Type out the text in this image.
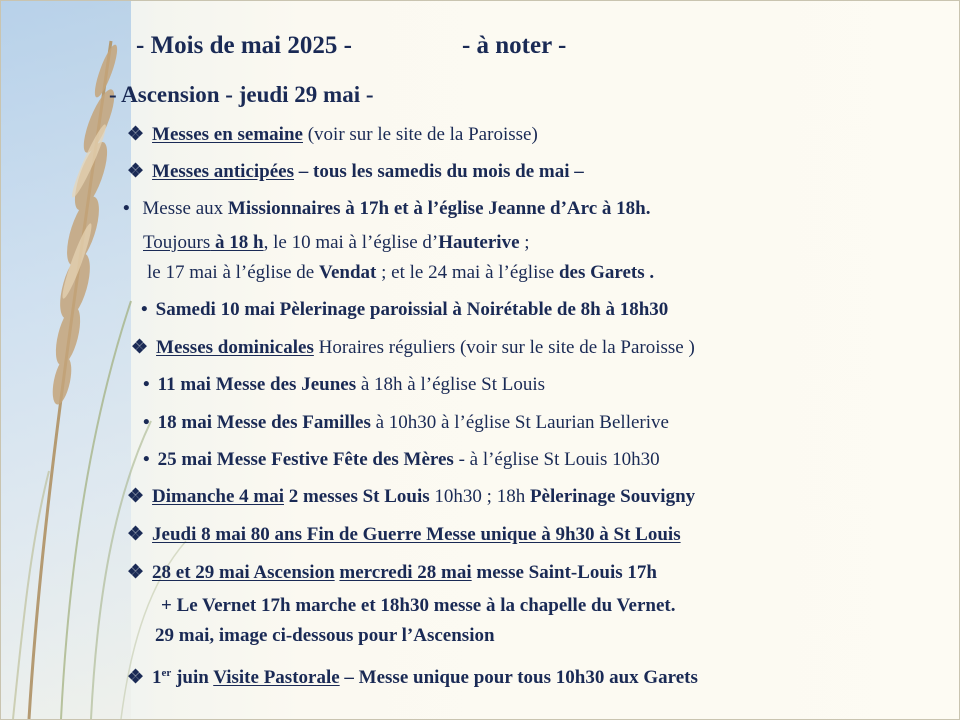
- Mois de mai 2025 -	- à noter -
- Ascension - jeudi 29 mai -
❖ Messes en semaine (voir sur le site de la Paroisse)
❖ Messes anticipées – tous les samedis du mois de mai –
• Messe aux Missionnaires à 17h et à l’église Jeanne d’Arc à 18h.
Toujours à 18 h, le 10 mai à l’église d’Hauterive ;
le 17 mai à l’église de Vendat ; et le 24 mai à l’église des Garets .
• Samedi 10 mai Pèlerinage paroissial à Noirétable de 8h à 18h30
❖ Messes dominicales Horaires réguliers (voir sur le site de la Paroisse )
• 11 mai Messe des Jeunes à 18h à l’église St Louis
• 18 mai Messe des Familles à 10h30 à l’église St Laurian Bellerive
• 25 mai Messe Festive Fête des Mères - à l’église St Louis 10h30
❖ Dimanche 4 mai 2 messes St Louis 10h30 ; 18h Pèlerinage Souvigny
❖ Jeudi 8 mai 80 ans Fin de Guerre Messe unique à 9h30 à St Louis
❖ 28 et 29 mai Ascension mercredi 28 mai messe Saint-Louis 17h
+ Le Vernet 17h marche et 18h30 messe à la chapelle du Vernet.
29 mai, image ci-dessous pour l’Ascension
❖ 1er juin Visite Pastorale – Messe unique pour tous 10h30 aux Garets
